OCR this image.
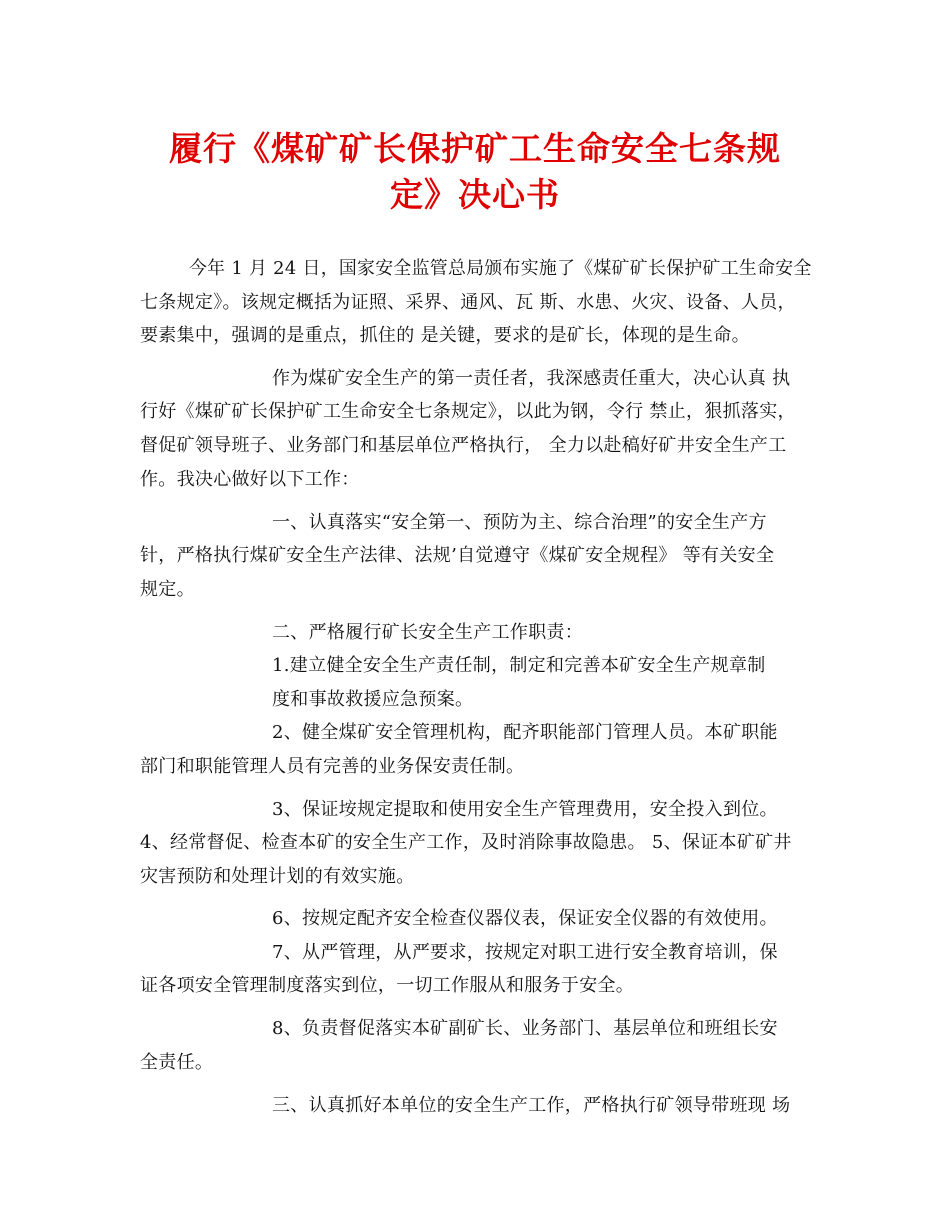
履行《煤矿矿长保护矿工生命安全七条规
定》决心书

今年 1 月 24 日，国家安全监管总局颁布实施了《煤矿矿长保护矿工生命安全

七条规定》。该规定概括为证照、采界、通风、瓦 斯、水患、火灾、设备、人员，

要素集中，强调的是重点，抓住的 是关键，要求的是矿长，体现的是生命。

作为煤矿安全生产的第一责任者，我深感责任重大，决心认真 执

行好《煤矿矿长保护矿工生命安全七条规定》，以此为钢，令行 禁止，狠抓落实，

督促矿领导班子、业务部门和基层单位严格执行， 全力以赴稿好矿井安全生产工

作。我决心做好以下工作：

一、认真落实“安全第一、预防为主、综合治理”的安全生产方

针，严格执行煤矿安全生产法律、法规’自觉遵守《煤矿安全规程》 等有关安全

规定。

二、严格履行矿长安全生产工作职责：

1.建立健全安全生产责任制，制定和完善本矿安全生产规章制

度和事故救援应急预案。

2、健全煤矿安全管理机构，配齐职能部门管理人员。本矿职能

部门和职能管理人员有完善的业务保安责任制。

3、保证垵规定提取和使用安全生产管理费用，安全投入到位。

4、经常督促、检查本矿的安全生产工作，及时消除事故隐患。 5、保证本矿矿井

灾害预防和处理计划的有效实施。

6、按规定配齐安全检查仪器仪表，保证安全仪器的有效使用。

7、从严管理，从严要求，按规定对职工进行安全教育培训，保

证各项安全管理制度落实到位，一切工作服从和服务于安全。

8、负责督促落实本矿副矿长、业务部门、基层单位和班组长安

全责任。

三、认真抓好本单位的安全生产工作，严格执行矿领导带班现 场
